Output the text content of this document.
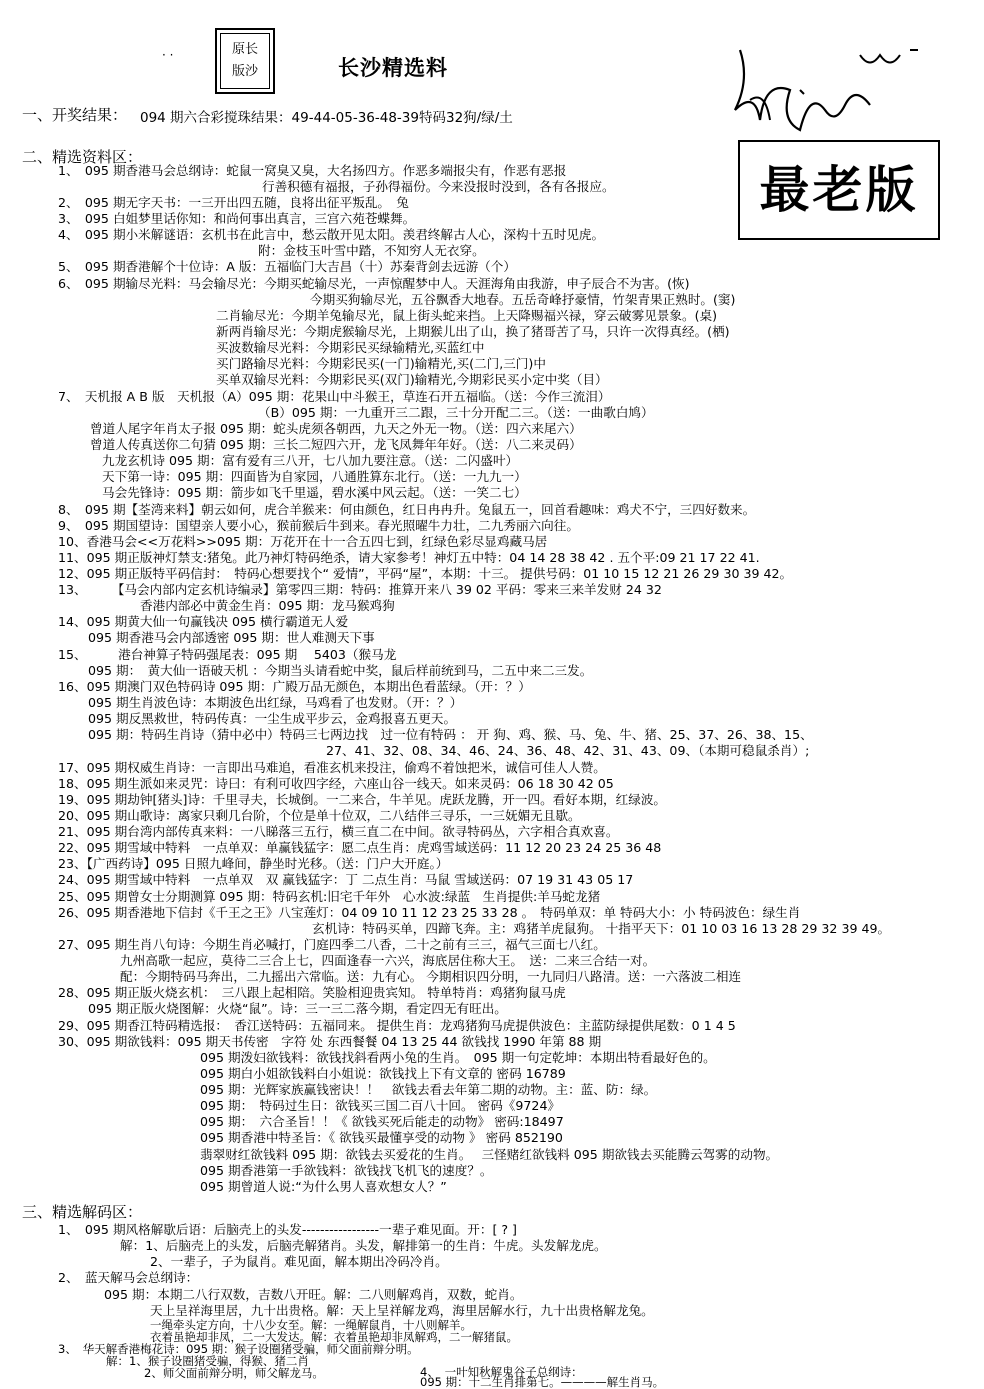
原长
版沙
· ·
长沙精选料
最老版
一、开奖结果： 094 期六合彩搅珠结果：49-44-05-36-48-39特码32狗/绿/土
二、精选资料区：
1、　095 期香港马会总纲诗：蛇鼠一窝臭又臭，大名扬四方。作恶多端报尖有，作恶有恶报
行善积德有福报，子孙得福份。今来没报时没到，各有各报应。
2、　095 期无字天书：一三开出四五随，良将出征平叛乱。　兔
3、　095 白姐梦里话你知：和尚何事出真言，三宫六苑苍蝶舞。
4、　095 期小米解谜语：玄机书在此言中，愁云散开见太阳。羡君终解古人心，深构十五时见虎。
附：金枝玉叶雪中踏，不知穷人无衣穿。
5、　095 期香港解个十位诗：A 版：五福临门大吉昌（十）苏秦背剑去远游（个）
6、　095 期输尽光料：马会输尽光：今期买蛇输尽光，一声惊醒梦中人。天涯海角由我游，申子辰合不为害。(恢)
今期买狗输尽光，五谷飘香大地春。五岳奇峰抒豪情，竹架青果正熟时。(窦)
二肖输尽光：今期羊兔输尽光，鼠上街头蛇来挡。上天降赐福兴禄，穿云破雾见景象。(桌)
新两肖输尽光：今期虎猴输尽光，上期猴儿出了山，换了猪哥苦了马，只许一次得真经。(栖)
买波数输尽光料：今期彩民买绿输精光,买蓝红中
买门路输尽光料：今期彩民买(一门)输精光,买(二门,三门)中
买单双输尽光料：今期彩民买(双门)输精光,今期彩民买小定中奖（目）
7、　天机报 A B 版　天机报（A）095 期：花果山中斗猴王，草连石开五福临。（送：今作三流泪）
（B）095 期：一九重开三二跟，三十分开配二三。（送：一曲歌白鸠）
曾道人尾字年肖太子报 095 期：蛇头虎须各朝西，九天之外无一物。（送：四六来尾六）
曾道人传真送你二句猜 095 期：三长二短四六开，龙飞凤舞年年好。（送：八二来灵码）
九龙玄机诗 095 期：富有爱有三八开，七八加九要注意。（送：二闪盛叶）
天下第一诗：095 期：四面皆为自家园，八通胜算东北行。（送：一九九一）
马会先锋诗：095 期：箭步如飞千里遥，碧水溪中风云起。（送：一笑二七）
8、　095 期【荃湾来料】朝云如何，虎合羊猴来：何由颜色，红日冉冉升。兔鼠五一，回首看趣味：鸡犬不宁，三四好数来。
9、　095 期国望诗：国望亲人要小心，猴前猴后牛到来。春光照曜牛力壮，二九秀丽六向往。
10、香港马会<<万花料>>095 期：万花开在十一合五四七到，红绿色彩尽显鸡藏马居
11、095 期正版神灯禁支:猪兔。此乃神灯特码绝杀，请大家参考！神灯五中特：04 14 28 38 42 . 五个平:09 21 17 22 41.
12、095 期正版特平码信封：　特码心想要找个“ 爱情”，平码“屋”，本期：十三。 提供号码：01 10 15 12 21 26 29 30 39 42。
13、　　　【马会内部内定玄机诗编录】第零四三期：特码：推算开来八 39 02 平码：零来三来羊发财 24 32
香港内部必中黄金生肖：095 期：龙马猴鸡狗
14、095 期黄大仙一句赢钱决 095 横行霸道无人爱
095 期香港马会内部透密 095 期：世人难测天下事
15、　　　港台神算子特码强尾表：095 期　 5403（猴马龙
095 期：　黄大仙一语破天机 ：今期当头请看蛇中奖，鼠后样前统到马，二五中来二三发。
16、095 期澳门双色特码诗 095 期：广殿万品无颜色，本期出色看蓝绿。（开：？）
095 期生肖波色诗：本期波色出红绿，马鸡看了也发财。（开：？）
095 期反黑救世，特码传真：一尘生成平步云，金鸡报喜五更天。
095 期：特码生肖诗（猜中必中）特码三七两边找　过一位有特码 ： 开 狗、鸡、猴、马、兔、牛、猪、25、37、26、38、15、
27、41、32、08、34、46、24、36、48、42、31、43、09、（本期可稳鼠杀肖）;
17、095 期权威生肖诗：一言即出马难追，看准玄机来投注，偷鸡不着蚀把米，诚信可佳人人赞。
18、095 期生派如来灵咒：诗曰：有利可收四字经，六座山谷一线天。如来灵码：06 18 30 42 05
19、095 期劫钟[猪头]诗：千里寻夫，长城倒。一二来合，牛羊见。虎跃龙腾，开一四。看好本期，红绿波。
20、095 期山歌诗：离家只剩几台阶，个位是单十位双，二八结伴三寻乐，一三妩媚无且歇。
21、095 期台湾内部传真来料：一八睇落三五行，横三直二在中间。欲寻特码丛，六字相合真欢喜。
22、095 期雪域中特料　一点单双：单赢钱猛字：愿二点生肖：虎鸡雪域送码：11 12 20 23 24 25 36 48
23、【广西药诗】095 日照九峰间，静坐时光移。（送：门户大开庭。）
24、095 期雪域中特料　一点单双　双 赢钱猛字：丁 二点生肖：马鼠 雪域送码：07 19 31 43 05 17
25、095 期曾女士分期测算 095 期：特码玄机:旧宅千年外　心水波:绿蓝　生肖提供:羊马蛇龙猪
26、095 期香港地下信封《千王之王》八宝莲灯：04 09 10 11 12 23 25 33 28 。　特码单双：单 特码大小：小 特码波色：绿生肖
玄机诗：特码买单，四蹄飞奔。主：鸡猪羊虎鼠狗。 十指平天下：01 10 03 16 13 28 29 32 39 49。
27、095 期生肖八句诗：今期生肖必喊打，门庭四季二八香，二十之前有三三，福气三面七八红。
九州高歌一起应，莫待二三合上七，四面逢春一六兴，海底居住称大王。　送：二来三合结一对。
配：今期特码马奔出，二九摇出六常临。送：九有心。 今期相识四分明，一九同归八路清。送：一六落波二相连
28、095 期正版火烧玄机：　三八跟上起相陪。笑脸相迎贵宾知。 特单特肖：鸡猪狗鼠马虎
095 期正版火烧图解：火烧“鼠”。诗：三一三二落今期，看定四无有旺出。
29、095 期香江特码精选报：　香江送特码：五福同来。 提供生肖：龙鸡猪狗马虎提供波色：主蓝防绿提供尾数：0 1 4 5
30、095 期欲钱料：095 期天书传密　字符 处 东西餐餐 04 13 25 44 欲钱找 1990 年第 88 期
095 期泼妇欲钱料：欲钱找斜看两小兔的生肖。　095 期一句定乾坤：本期出特看最好色的。
095 期白小姐欲钱料白小姐说：欲钱找上下有文章的 密码 16789
095 期：光辉家族赢钱密诀！！　欲钱去看去年第二期的动物。主：蓝、防：绿。
095 期：　特码过生日：欲钱买三国二百八十回。 密码《9724》
095 期：　六合圣旨！！《 欲钱买死后能走的动物》 密码:18497
095 期香港中特圣旨：《 欲钱买最懂享受的动物 》 密码 852190
翡翠财红欲钱料 095 期：欲钱去买爱花的生肖。　 三怪赌红欲钱料 095 期欲钱去买能腾云驾雾的动物。
095 期香港第一手欲钱料：欲钱找飞机飞的速度？。
095 期曾道人说:“为什么男人喜欢想女人？”
三、精选解码区：
1、　095 期风格解歇后语：后脑壳上的头发-----------------一辈子难见面。开：[ ? ]
解：1、后脑壳上的头发，后脑壳解猪肖。头发，解排第一的生肖：牛虎。头发解龙虎。
2、一辈子，子为鼠肖。难见面，解本期出冷码冷肖。
2、　蓝天解马会总纲诗：
095 期：本期二八行双数，吉数八开旺。解：二八则解鸡肖，双数，蛇肖。
天上呈祥海里居，九十出贵格。解：天上呈祥解龙鸡，海里居解水行，九十出贵格解龙兔。
一绳牵头定方向，十八少女至。解：一绳解鼠肖，十八则解羊。
衣着虽艳却非凤，二一大发达。解：衣着虽艳却非凤解鸡，二一解猪鼠。
3、　华天解香港梅花诗：095 期：猴子设圈猪受骗，师父面前辩分明。
解：1、猴子设圈猪受骗，得猴、猪二肖
2、师父面前辩分明，师父解龙马。	4、　一叶知秋解鬼谷子总纲诗：
095 期：十二生肖排第七。————解生肖马。
